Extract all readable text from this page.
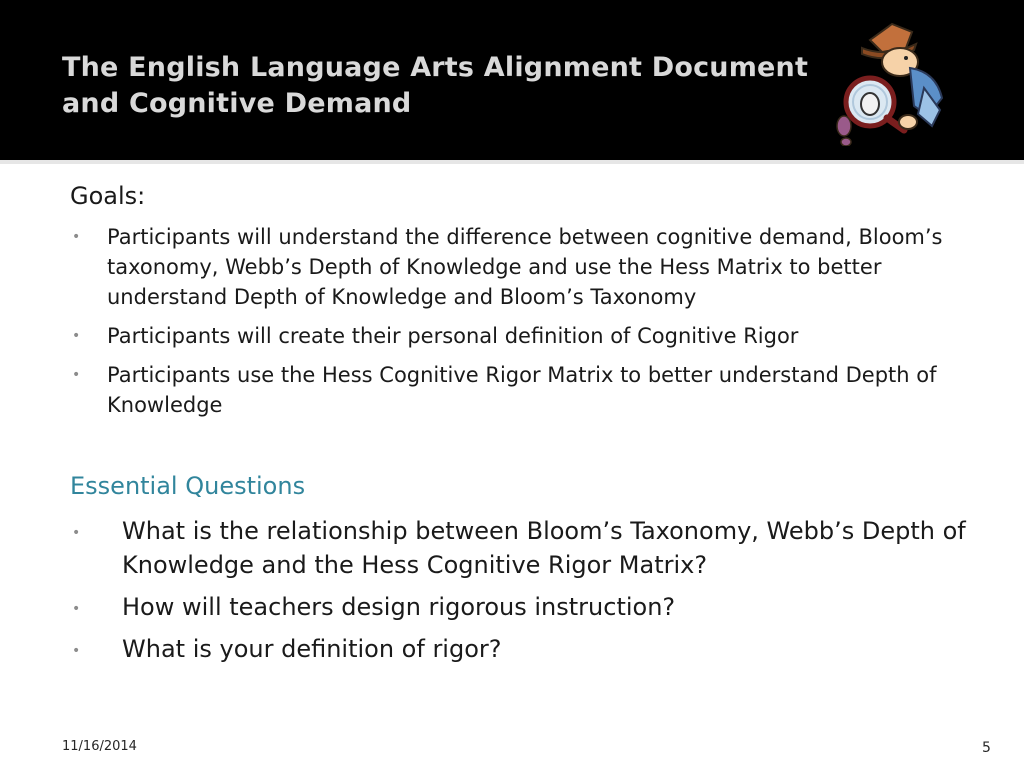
The English Language Arts Alignment Document
and Cognitive Demand
Goals:
• Participants will understand the difference between cognitive demand, Bloom’s taxonomy, Webb’s Depth of Knowledge and use the Hess Matrix to better understand Depth of Knowledge and Bloom’s Taxonomy
• Participants will create their personal definition of Cognitive Rigor
• Participants use the Hess Cognitive Rigor Matrix to better understand Depth of Knowledge
Essential Questions
• What is the relationship between Bloom’s Taxonomy, Webb’s Depth of Knowledge and the Hess Cognitive Rigor Matrix?
• How will teachers design rigorous instruction?
• What is your definition of rigor?
11/16/2014	5
